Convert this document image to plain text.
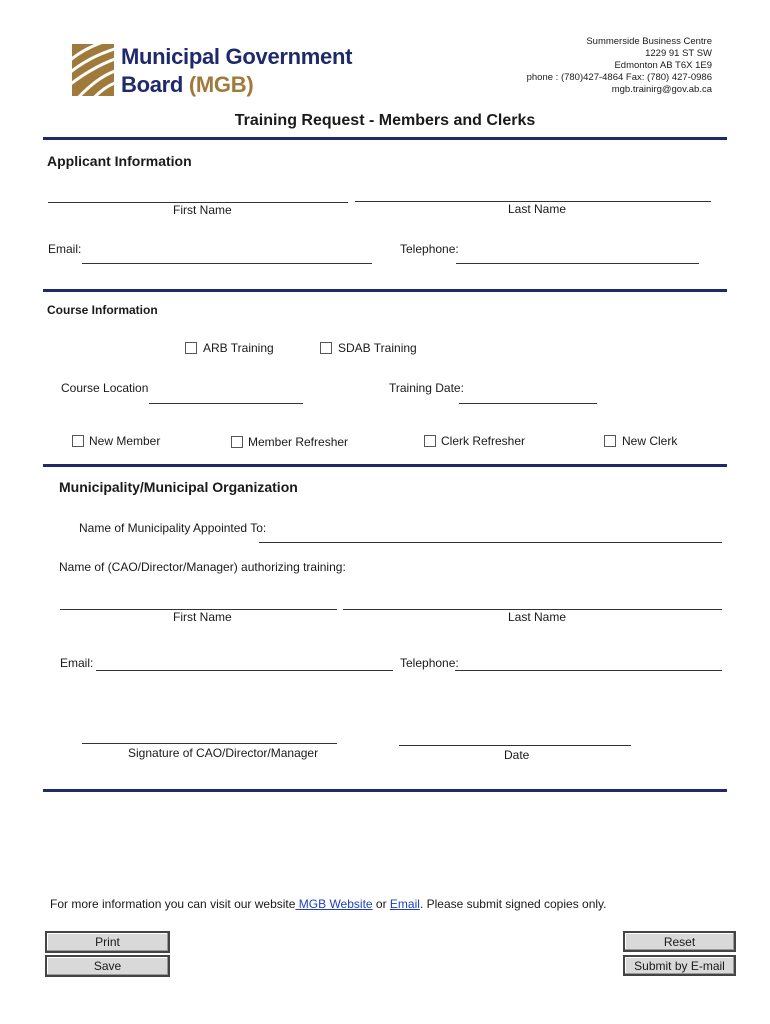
Municipal Government
Board (MGB)
Summerside Business Centre
1229 91 ST SW
Edmonton AB T6X 1E9
phone : (780)427-4864 Fax: (780) 427-0986
mgb.trainirg@gov.ab.ca
Training Request - Members and Clerks
Applicant Information
First Name	Last Name
Email:	Telephone:
Course Information
ARB Training	SDAB Training
Course Location	Training Date:
New Member	Member Refresher	Clerk Refresher	New Clerk
Municipality/Municipal Organization
Name of Municipality Appointed To:
Name of (CAO/Director/Manager) authorizing training:
First Name	Last Name
Email:	Telephone:
Signature of CAO/Director/Manager	Date
For more information you can visit our website MGB Website or Email. Please submit signed copies only.
Print
Save
Reset
Submit by E-mail
